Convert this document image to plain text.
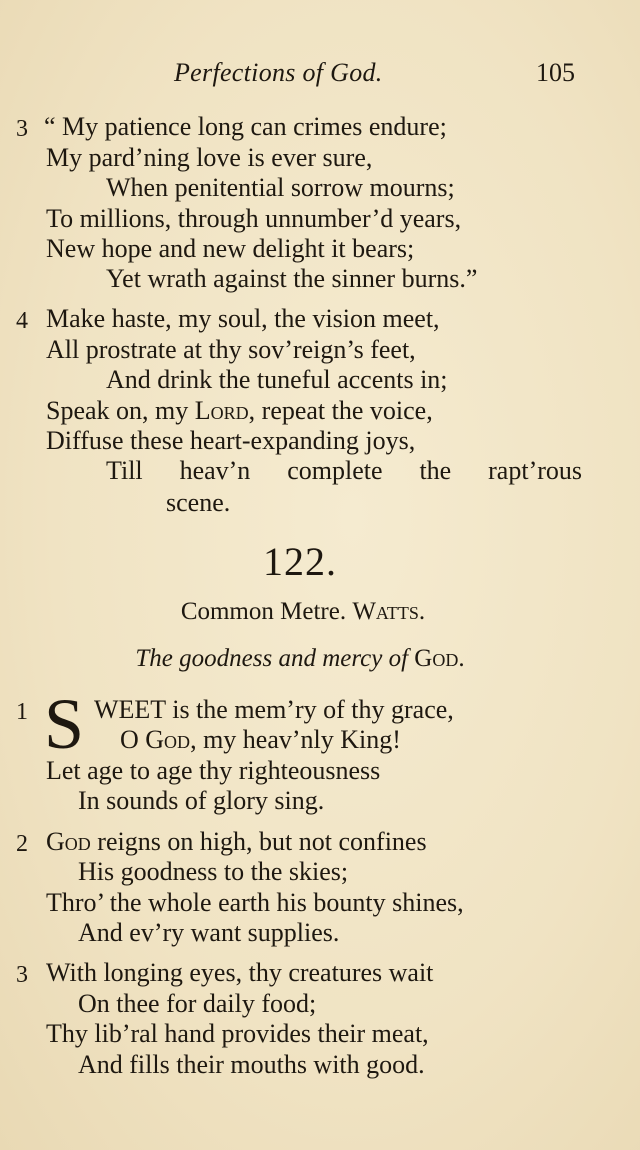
Perfections of God.	105
3 “ My patience long can crimes endure;
My pard’ning love is ever sure,
When penitential sorrow mourns;
To millions, through unnumber’d years,
New hope and new delight it bears;
Yet wrath against the sinner burns.”
4 Make haste, my soul, the vision meet,
All prostrate at thy sov’reign’s feet,
And drink the tuneful accents in;
Speak on, my Lord, repeat the voice,
Diffuse these heart-expanding joys,
Till heav’n complete the rapt’rous
scene.
122.
Common Metre. Watts.
The goodness and mercy of God.
1 S WEET is the mem’ry of thy grace,
O God, my heav’nly King!
Let age to age thy righteousness
In sounds of glory sing.
2 God reigns on high, but not confines
His goodness to the skies;
Thro’ the whole earth his bounty shines,
And ev’ry want supplies.
3 With longing eyes, thy creatures wait
On thee for daily food;
Thy lib’ral hand provides their meat,
And fills their mouths with good.
